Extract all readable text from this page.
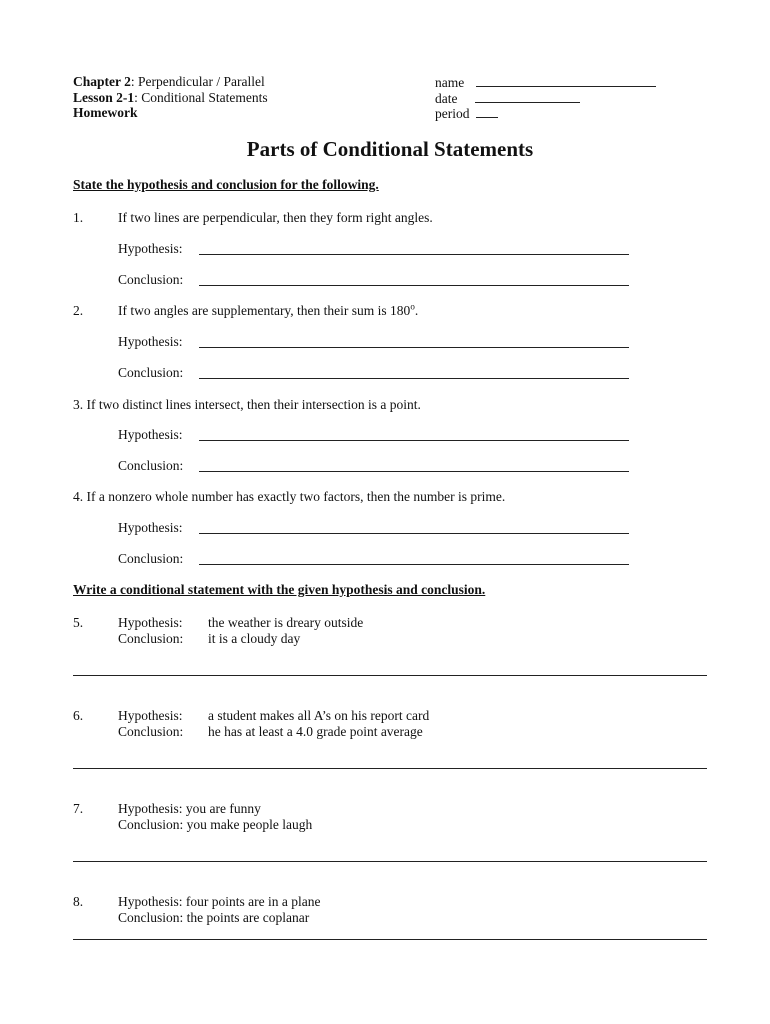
Chapter 2: Perpendicular / Parallel
Lesson 2-1: Conditional Statements
Homework
name
date
period
Parts of Conditional Statements
State the hypothesis and conclusion for the following.
1.	If two lines are perpendicular, then they form right angles.
Hypothesis:
Conclusion:
2.	If two angles are supplementary, then their sum is 180$^o$.
Hypothesis:
Conclusion:
3. If two distinct lines intersect, then their intersection is a point.
Hypothesis:
Conclusion:
4. If a nonzero whole number has exactly two factors, then the number is prime.
Hypothesis:
Conclusion:
Write a conditional statement with the given hypothesis and conclusion.
5.	Hypothesis: the weather is dreary outside
Conclusion: it is a cloudy day
6.	Hypothesis: a student makes all A’s on his report card
Conclusion: he has at least a 4.0 grade point average
7.	Hypothesis: you are funny
Conclusion: you make people laugh
8.	Hypothesis: four points are in a plane
Conclusion: the points are coplanar
